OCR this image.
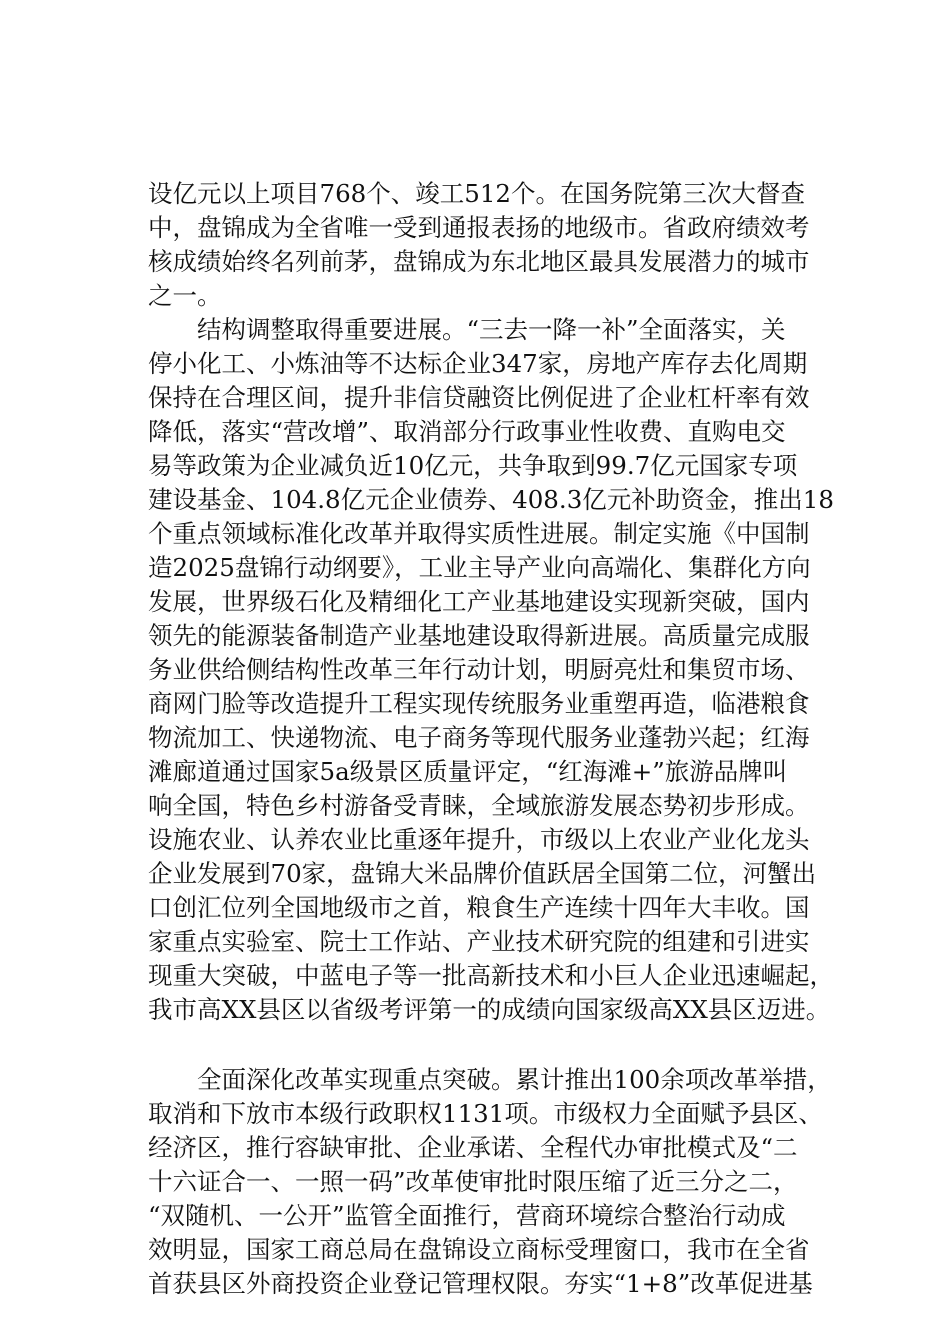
设亿元以上项目768个、竣工512个。在国务院第三次大督查
中，盘锦成为全省唯一受到通报表扬的地级市。省政府绩效考
核成绩始终名列前茅，盘锦成为东北地区最具发展潜力的城市
之一。
　　结构调整取得重要进展。“三去一降一补”全面落实，关
停小化工、小炼油等不达标企业347家，房地产库存去化周期
保持在合理区间，提升非信贷融资比例促进了企业杠杆率有效
降低，落实“营改增”、取消部分行政事业性收费、直购电交
易等政策为企业减负近10亿元，共争取到99.7亿元国家专项
建设基金、104.8亿元企业债券、408.3亿元补助资金，推出18
个重点领域标准化改革并取得实质性进展。制定实施《中国制
造2025盘锦行动纲要》，工业主导产业向高端化、集群化方向
发展，世界级石化及精细化工产业基地建设实现新突破，国内
领先的能源装备制造产业基地建设取得新进展。高质量完成服
务业供给侧结构性改革三年行动计划，明厨亮灶和集贸市场、
商网门脸等改造提升工程实现传统服务业重塑再造，临港粮食
物流加工、快递物流、电子商务等现代服务业蓬勃兴起；红海
滩廊道通过国家5a级景区质量评定，“红海滩+”旅游品牌叫
响全国，特色乡村游备受青睐，全域旅游发展态势初步形成。
设施农业、认养农业比重逐年提升，市级以上农业产业化龙头
企业发展到70家，盘锦大米品牌价值跃居全国第二位，河蟹出
口创汇位列全国地级市之首，粮食生产连续十四年大丰收。国
家重点实验室、院士工作站、产业技术研究院的组建和引进实
现重大突破，中蓝电子等一批高新技术和小巨人企业迅速崛起，
我市高XX县区以省级考评第一的成绩向国家级高XX县区迈进。
　　全面深化改革实现重点突破。累计推出100余项改革举措，
取消和下放市本级行政职权1131项。市级权力全面赋予县区、
经济区，推行容缺审批、企业承诺、全程代办审批模式及“二
十六证合一、一照一码”改革使审批时限压缩了近三分之二，
“双随机、一公开”监管全面推行，营商环境综合整治行动成
效明显，国家工商总局在盘锦设立商标受理窗口，我市在全省
首获县区外商投资企业登记管理权限。夯实“1+8”改革促进基
